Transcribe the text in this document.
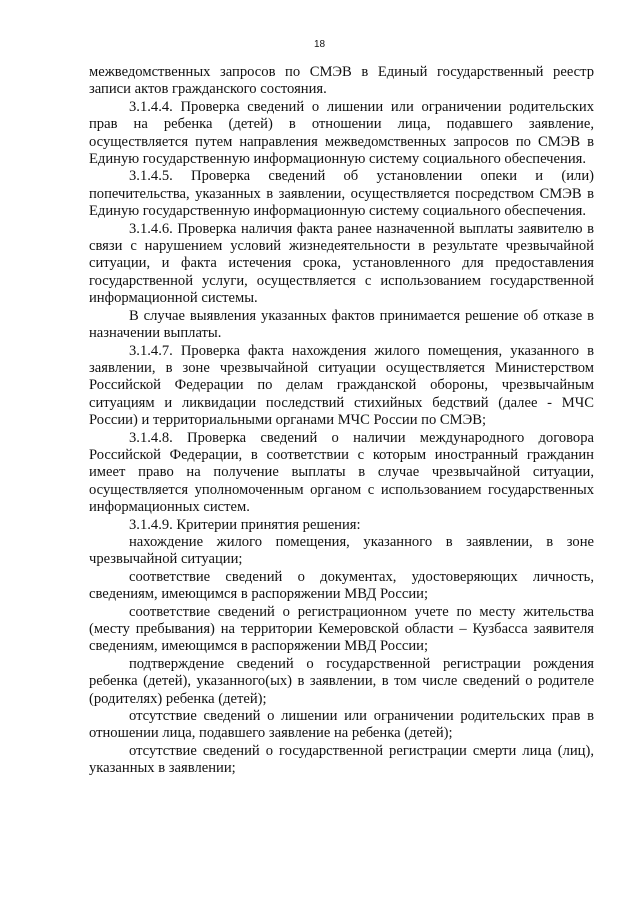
18

межведомственных запросов по СМЭВ в Единый государственный реестр записи актов гражданского состояния.

3.1.4.4. Проверка сведений о лишении или ограничении родительских прав на ребенка (детей) в отношении лица, подавшего заявление, осуществляется путем направления межведомственных запросов по СМЭВ в Единую государственную информационную систему социального обеспечения.

3.1.4.5. Проверка сведений об установлении опеки и (или) попечительства, указанных в заявлении, осуществляется посредством СМЭВ в Единую государственную информационную систему социального обеспечения.

3.1.4.6. Проверка наличия факта ранее назначенной выплаты заявителю в связи с нарушением условий жизнедеятельности в результате чрезвычайной ситуации, и факта истечения срока, установленного для предоставления государственной услуги, осуществляется с использованием государственной информационной системы.

В случае выявления указанных фактов принимается решение об отказе в назначении выплаты.

3.1.4.7. Проверка факта нахождения жилого помещения, указанного в заявлении, в зоне чрезвычайной ситуации осуществляется Министерством Российской Федерации по делам гражданской обороны, чрезвычайным ситуациям и ликвидации последствий стихийных бедствий (далее - МЧС России) и территориальными органами МЧС России по СМЭВ;

3.1.4.8. Проверка сведений о наличии международного договора Российской Федерации, в соответствии с которым иностранный гражданин имеет право на получение выплаты в случае чрезвычайной ситуации, осуществляется уполномоченным органом с использованием государственных информационных систем.

3.1.4.9. Критерии принятия решения:

нахождение жилого помещения, указанного в заявлении, в зоне чрезвычайной ситуации;

соответствие сведений о документах, удостоверяющих личность, сведениям, имеющимся в распоряжении МВД России;

соответствие сведений о регистрационном учете по месту жительства (месту пребывания) на территории Кемеровской области – Кузбасса заявителя сведениям, имеющимся в распоряжении МВД России;

подтверждение сведений о государственной регистрации рождения ребенка (детей), указанного(ых) в заявлении, в том числе сведений о родителе (родителях) ребенка (детей);

отсутствие сведений о лишении или ограничении родительских прав в отношении лица, подавшего заявление на ребенка (детей);

отсутствие сведений о государственной регистрации смерти лица (лиц), указанных в заявлении;
